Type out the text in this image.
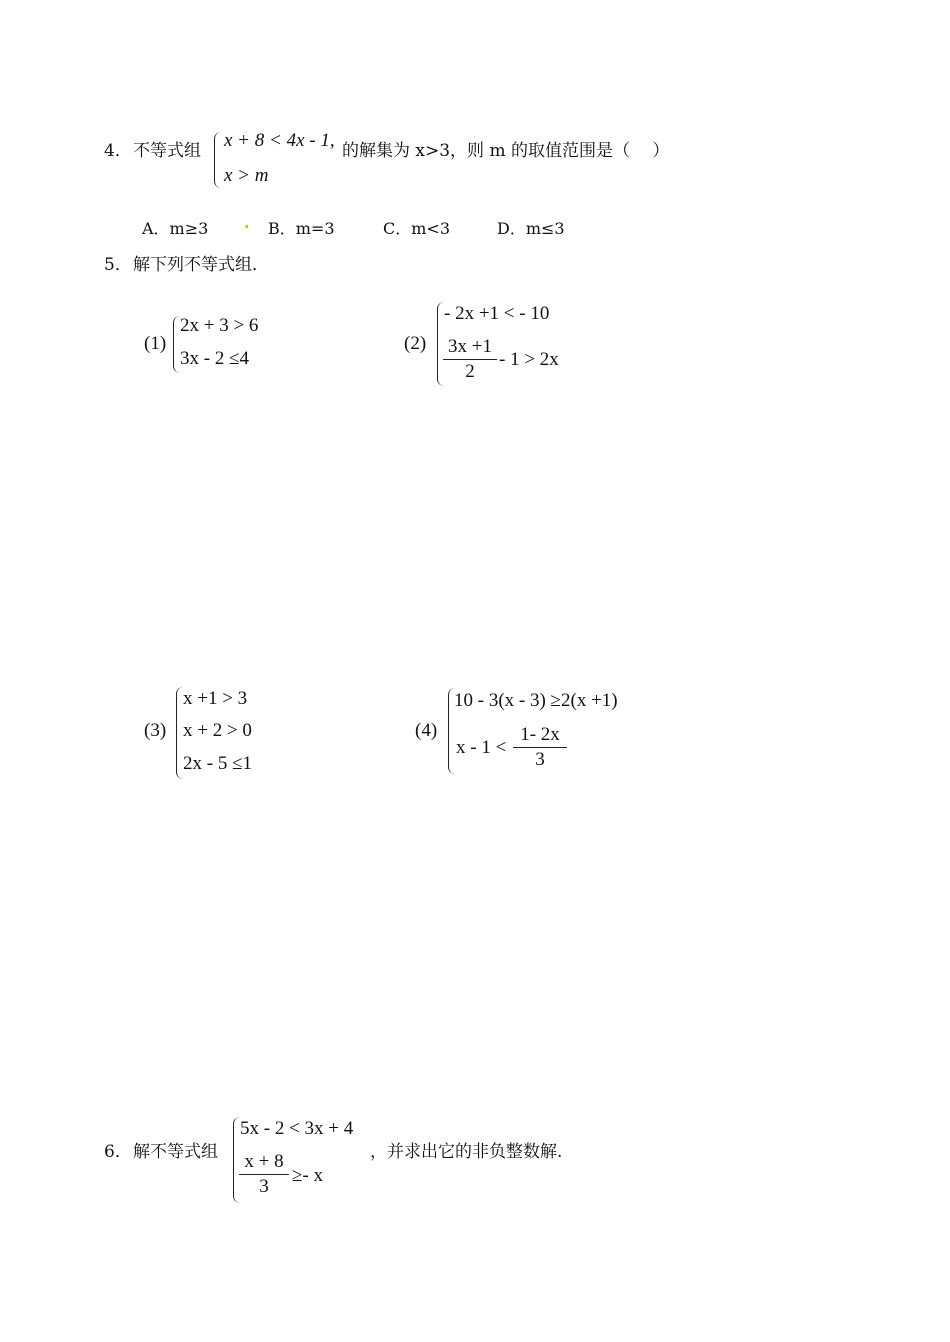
4． 不等式组 x + 8 < 4x - 1,
x > m
的解集为 x>3，则 m 的取值范围是（　 ）
A．m≥3 . B．m=3	C．m<3	D．m≤3
5． 解下列不等式组．
(1)
2x + 3 > 6
3x - 2 ≤4
(2)
- 2x +1 < - 10
$\frac{3x +1}{2} - 1 > 2x$
(3)
x +1 > 3
x + 2 > 0
2x - 5 ≤1
(4)
10 - 3(x - 3) ≥2(x +1)
$x - 1 < \frac{1- 2x}{3}$
6． 解不等式组
5x - 2 < 3x + 4
$\frac{x + 8}{3} \ge- x$
，并求出它的非负整数解.
